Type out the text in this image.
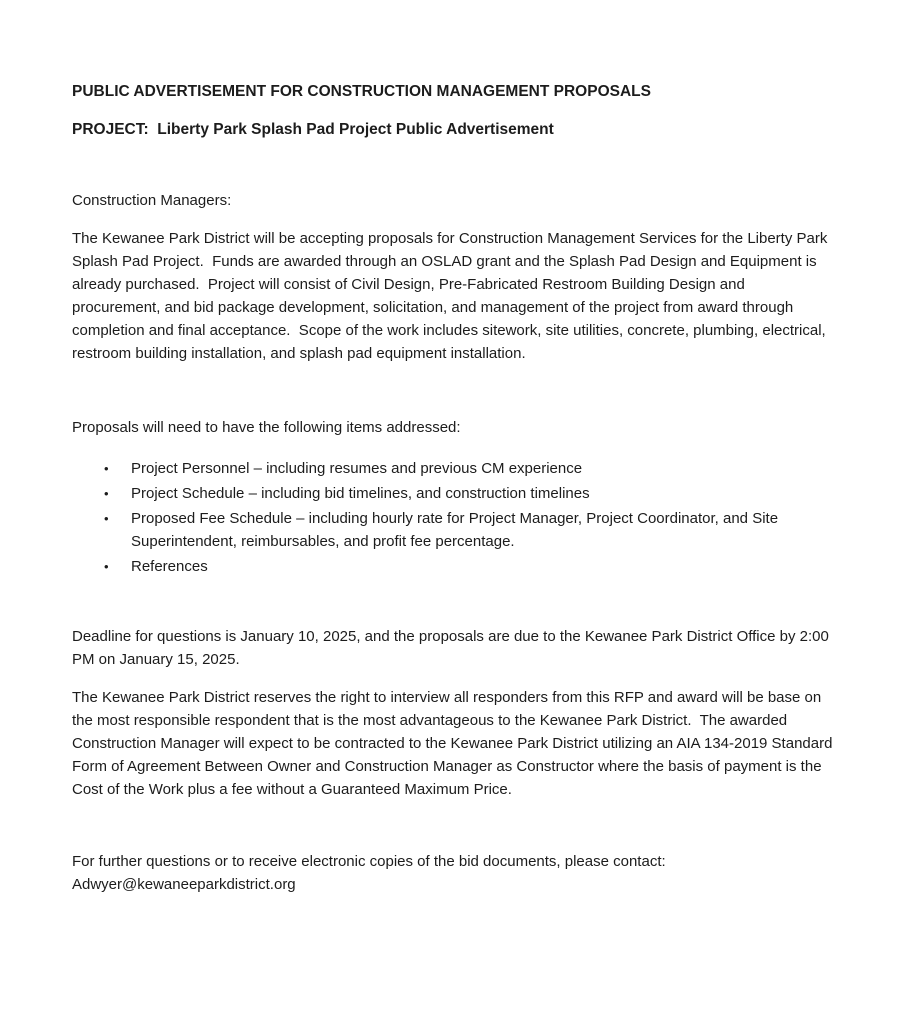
PUBLIC ADVERTISEMENT FOR CONSTRUCTION MANAGEMENT PROPOSALS
PROJECT:  Liberty Park Splash Pad Project Public Advertisement

Construction Managers:

The Kewanee Park District will be accepting proposals for Construction Management Services for the Liberty Park Splash Pad Project.  Funds are awarded through an OSLAD grant and the Splash Pad Design and Equipment is already purchased.  Project will consist of Civil Design, Pre-Fabricated Restroom Building Design and procurement, and bid package development, solicitation, and management of the project from award through completion and final acceptance.  Scope of the work includes sitework, site utilities, concrete, plumbing, electrical, restroom building installation, and splash pad equipment installation.

Proposals will need to have the following items addressed:

•	Project Personnel – including resumes and previous CM experience
•	Project Schedule – including bid timelines, and construction timelines
•	Proposed Fee Schedule – including hourly rate for Project Manager, Project Coordinator, and Site Superintendent, reimbursables, and profit fee percentage.
•	References

Deadline for questions is January 10, 2025, and the proposals are due to the Kewanee Park District Office by 2:00 PM on January 15, 2025.

The Kewanee Park District reserves the right to interview all responders from this RFP and award will be base on the most responsible respondent that is the most advantageous to the Kewanee Park District.  The awarded Construction Manager will expect to be contracted to the Kewanee Park District utilizing an AIA 134-2019 Standard Form of Agreement Between Owner and Construction Manager as Constructor where the basis of payment is the Cost of the Work plus a fee without a Guaranteed Maximum Price.

For further questions or to receive electronic copies of the bid documents, please contact:

Adwyer@kewaneeparkdistrict.org
